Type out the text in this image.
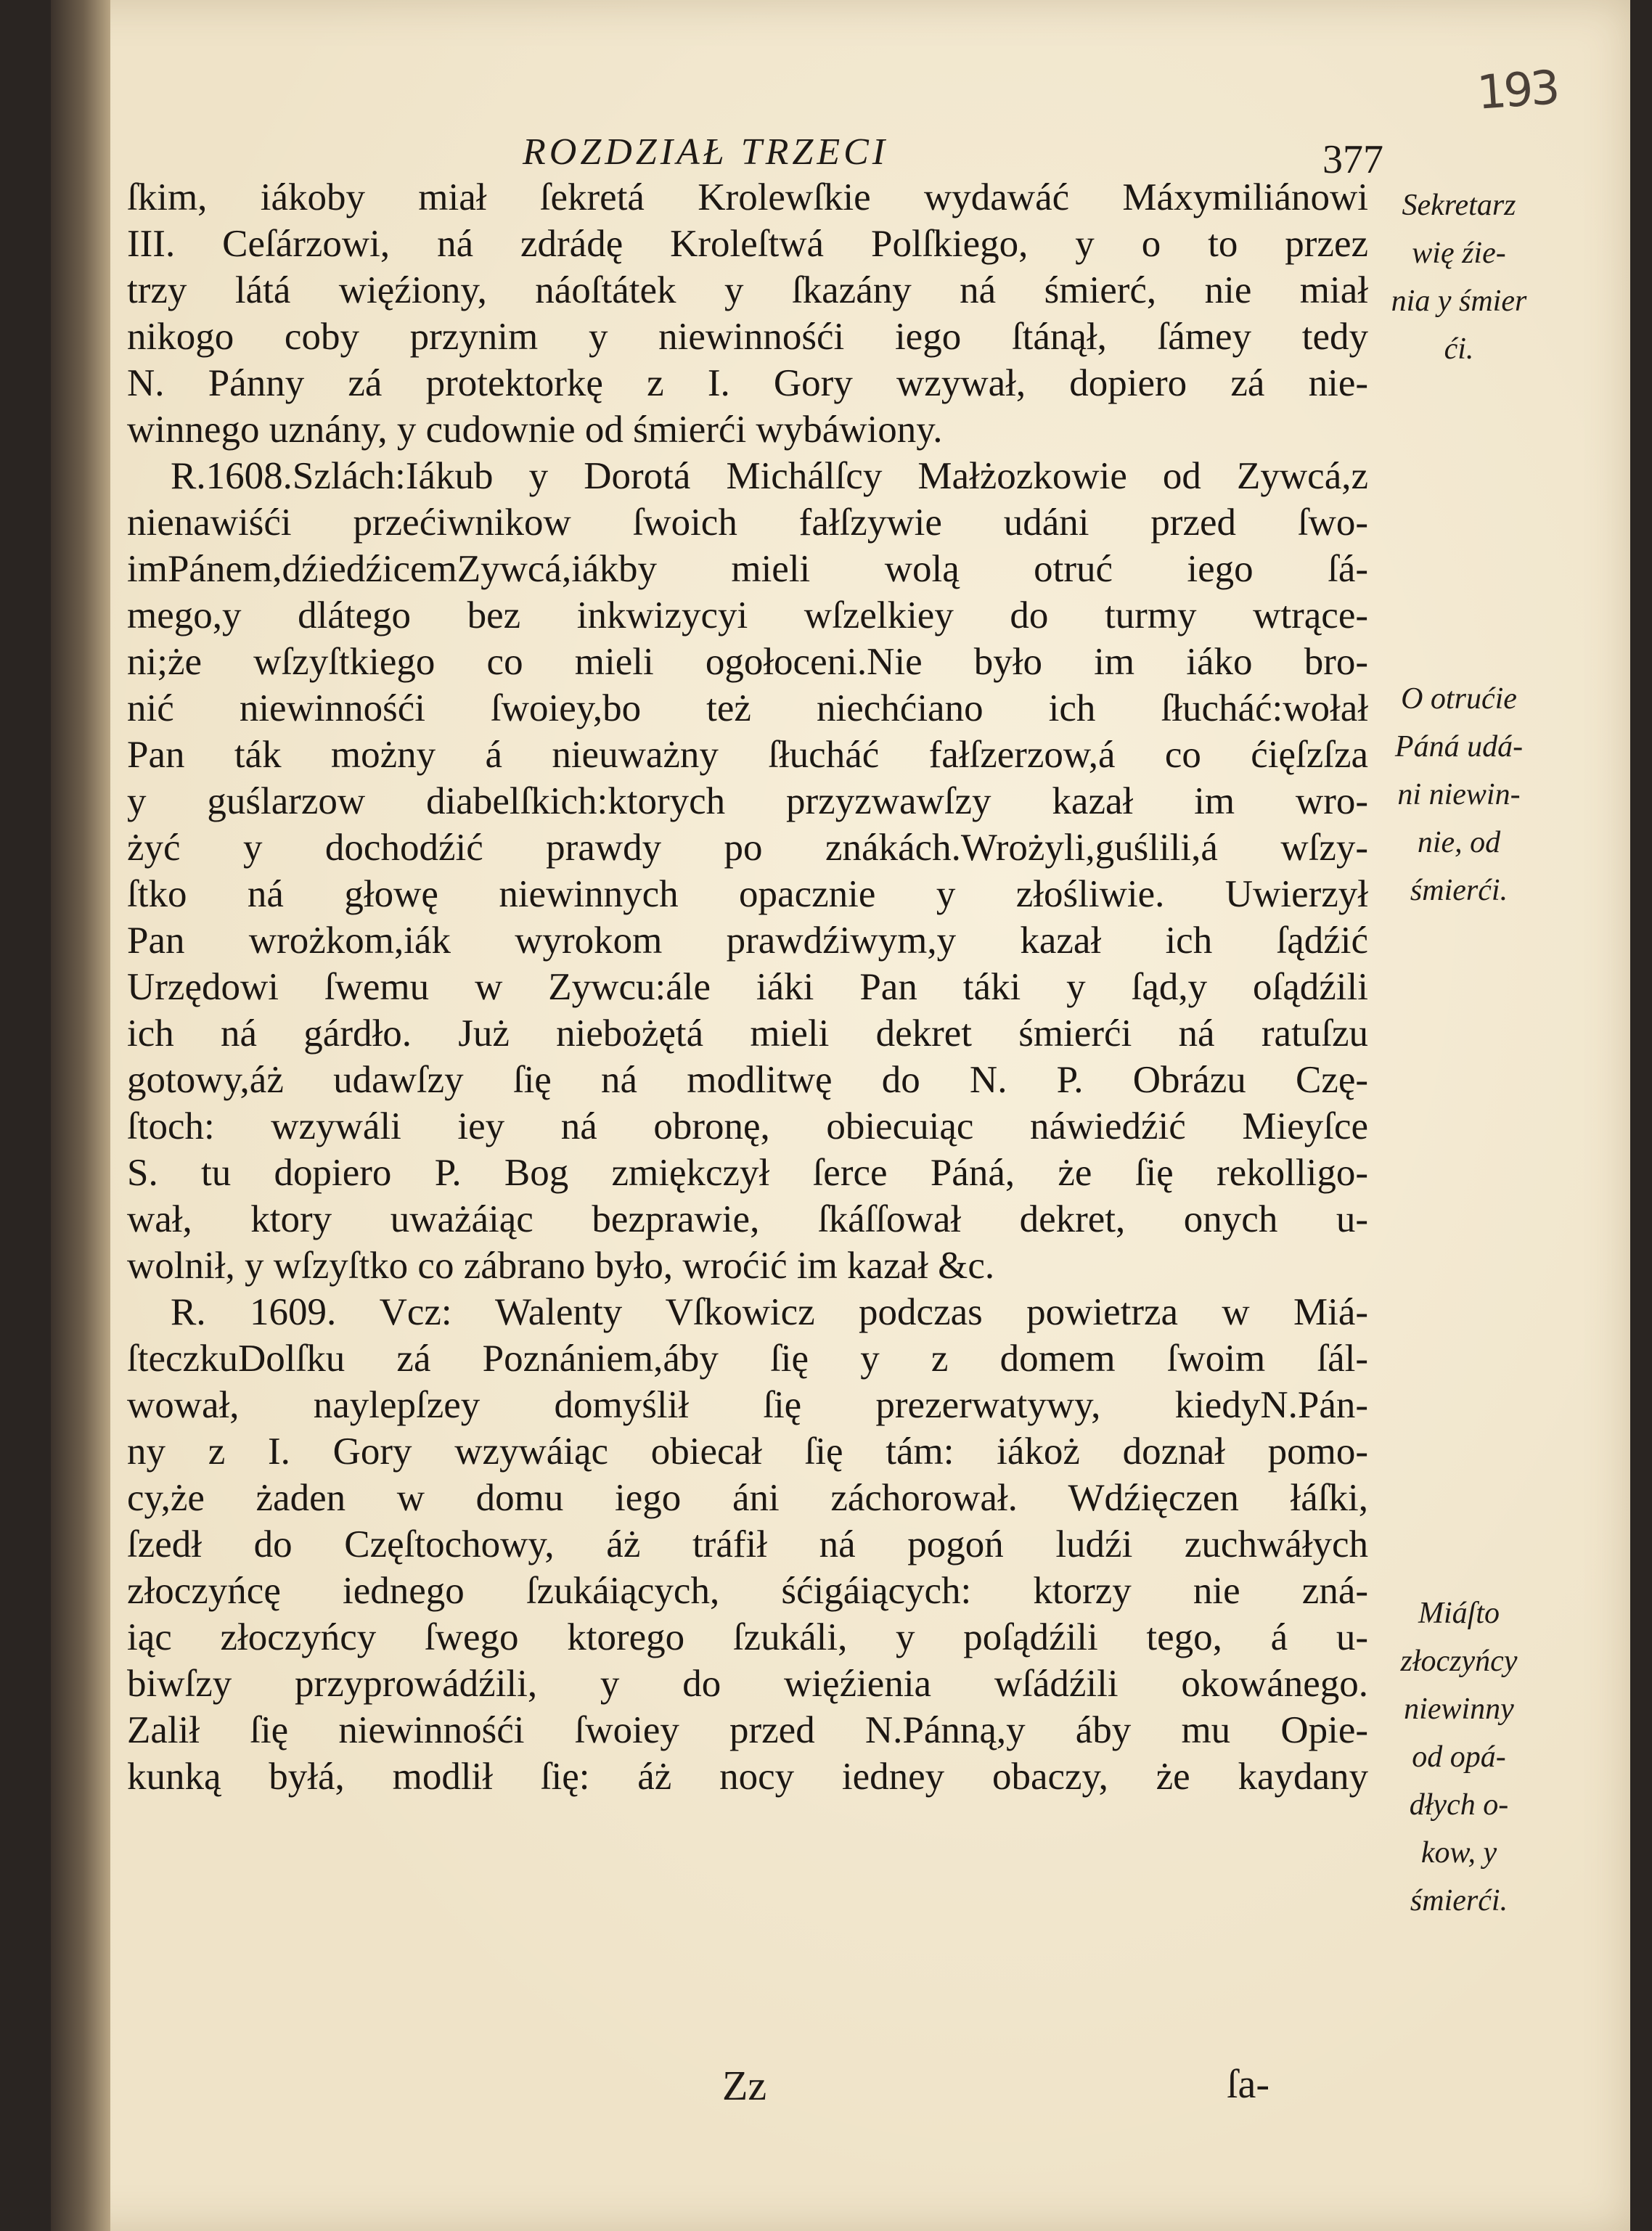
193
ROZDZIAŁ TRZECI	377
ſkim, iákoby miał ſekretá Krolewſkie wydawáć Máxymiliánowi
III. Ceſárzowi, ná zdrádę Kroleſtwá Polſkiego, y o to przez
trzy látá więźiony, náoſtátek y ſkazány ná śmierć, nie miał
nikogo coby przynim y niewinnośći iego ſtánął, ſámey tedy
N. Pánny zá protektorkę z I. Gory wzywał, dopiero zá nie-
winnego uznány, y cudownie od śmierći wybáwiony.
R.1608.Szlách:Iákub y Dorotá Michálſcy Małżozkowie od Zywcá,z
nienawiśći przećiwnikow ſwoich fałſzywie udáni przed ſwo-
imPánem,dźiedźicemZywcá,iákby mieli wolą otruć iego ſá-
mego,y dlátego bez inkwizycyi wſzelkiey do turmy wtrące-
ni;że wſzyſtkiego co mieli ogołoceni.Nie było im iáko bro-
nić niewinnośći ſwoiey,bo też niechćiano ich ſłucháć:wołał
Pan ták możny á nieuważny ſłucháć fałſzerzow,á co ćięſzſza
y guślarzow diabelſkich:ktorych przyzwawſzy kazał im wro-
żyć y dochodźić prawdy po znákách.Wrożyli,guślili,á wſzy-
ſtko ná głowę niewinnych opacznie y złośliwie. Uwierzył
Pan wrożkom,iák wyrokom prawdźiwym,y kazał ich ſądźić
Urzędowi ſwemu w Zywcu:ále iáki Pan táki y ſąd,y oſądźili
ich ná gárdło. Już niebożętá mieli dekret śmierći ná ratuſzu
gotowy,áż udawſzy ſię ná modlitwę do N. P. Obrázu Czę-
ſtoch: wzywáli iey ná obronę, obiecuiąc náwiedźić Mieyſce
S. tu dopiero P. Bog zmiękczył ſerce Páná, że ſię rekolligo-
wał, ktory uważáiąc bezprawie, ſkáſſował dekret, onych u-
wolnił, y wſzyſtko co zábrano było, wroćić im kazał &c.
R. 1609. Vcz: Walenty Vſkowicz podczas powietrza w Miá-
ſteczkuDolſku zá Poznániem,áby ſię y z domem ſwoim ſál-
wował, naylepſzey domyślił ſię prezerwatywy, kiedyN.Pán-
ny z I. Gory wzywáiąc obiecał ſię tám: iákoż doznał pomo-
cy,że żaden w domu iego áni záchorował. Wdźięczen łáſki,
ſzedł do Częſtochowy, áż tráfił ná pogoń ludźi zuchwáłych
złoczyńcę iednego ſzukáiących, śćigáiących: ktorzy nie zná-
iąc złoczyńcy ſwego ktorego ſzukáli, y poſądźili tego, á u-
biwſzy przyprowádźili, y do więźienia wſádźili okowánego.
Zalił ſię niewinnośći ſwoiey przed N.Pánną,y áby mu Opie-
kunką byłá, modlił ſię: áż nocy iedney obaczy, że kaydany
Sekretarz
wię źie-
nia y śmier
ći.
O otrućie
Páná udá-
ni niewin-
nie, od
śmierći.
Miáſto
złoczyńcy
niewinny
od opá-
dłych o-
kow, y
śmierći.
Zz	ſa-
